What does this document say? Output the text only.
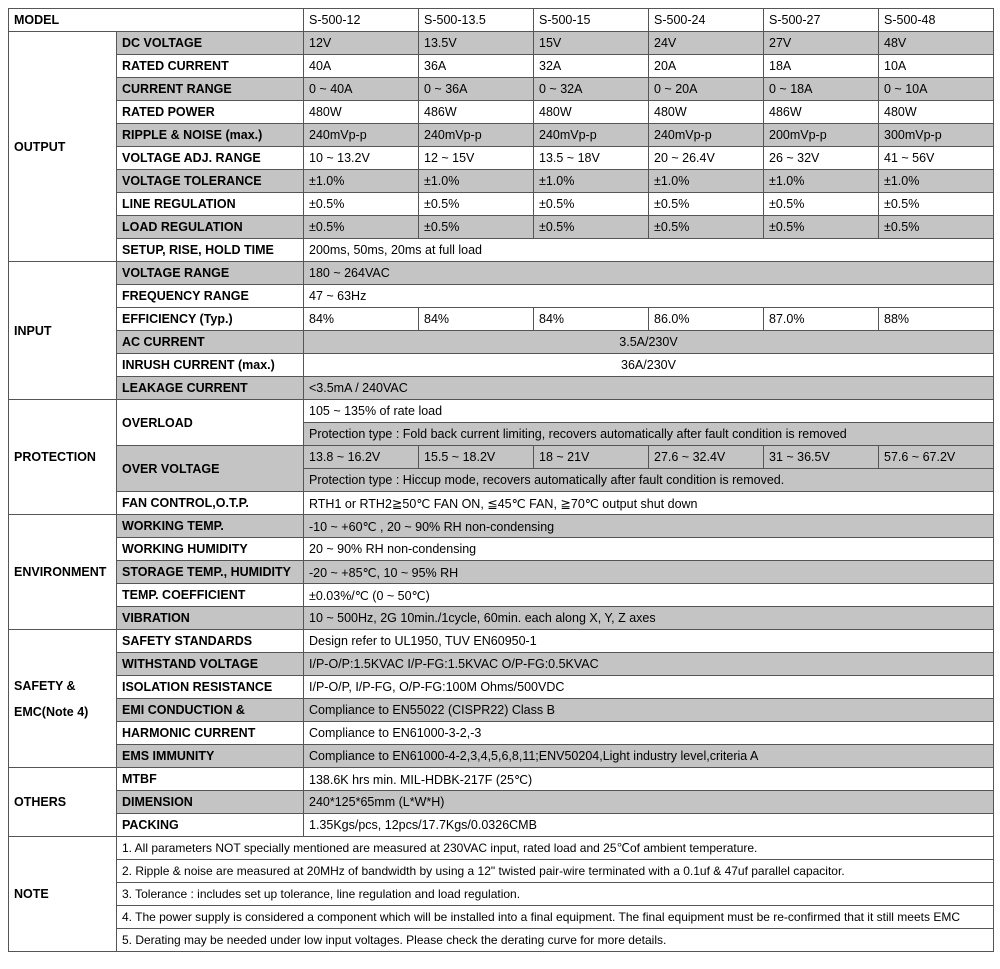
MODEL		S-500-12	S-500-13.5	S-500-15	S-500-24	S-500-27	S-500-48

OUTPUT	DC VOLTAGE	12V	13.5V	15V	24V	27V	48V
	RATED CURRENT	40A	36A	32A	20A	18A	10A
	CURRENT RANGE	0 ~ 40A	0 ~ 36A	0 ~ 32A	0 ~ 20A	0 ~ 18A	0 ~ 10A
	RATED POWER	480W	486W	480W	480W	486W	480W
	RIPPLE & NOISE (max.)	240mVp-p	240mVp-p	240mVp-p	240mVp-p	200mVp-p	300mVp-p
	VOLTAGE ADJ. RANGE	10 ~ 13.2V	12 ~ 15V	13.5 ~ 18V	20 ~ 26.4V	26 ~ 32V	41 ~ 56V
	VOLTAGE TOLERANCE	±1.0%	±1.0%	±1.0%	±1.0%	±1.0%	±1.0%
	LINE REGULATION	±0.5%	±0.5%	±0.5%	±0.5%	±0.5%	±0.5%
	LOAD REGULATION	±0.5%	±0.5%	±0.5%	±0.5%	±0.5%	±0.5%
	SETUP, RISE, HOLD TIME	200ms, 50ms, 20ms at full load					

INPUT	VOLTAGE RANGE	180 ~ 264VAC					
	FREQUENCY RANGE	47 ~ 63Hz					
	EFFICIENCY (Typ.)	84%	84%	84%	86.0%	87.0%	88%
	AC CURRENT	3.5A/230V					
	INRUSH CURRENT (max.)	36A/230V					
	LEAKAGE CURRENT	<3.5mA / 240VAC					
PROTECTION	OVERLOAD	105 ~ 135% of rate load					
		Protection type : Fold back current limiting, recovers automatically after fault condition is removed					
	OVER VOLTAGE	13.8 ~ 16.2V	15.5 ~ 18.2V	18 ~ 21V	27.6 ~ 32.4V	31 ~ 36.5V	57.6 ~ 67.2V
		Protection type : Hiccup mode, recovers automatically after fault condition is removed.					
	FAN CONTROL,O.T.P.	RTH1 or RTH2≧50℃ FAN ON, ≦45℃ FAN, ≧70℃ output shut down					

ENVIRONMENT	WORKING TEMP.	-10 ~ +60℃ , 20 ~ 90% RH non-condensing					
	WORKING HUMIDITY	20 ~ 90% RH non-condensing					
	STORAGE TEMP., HUMIDITY	-20 ~ +85℃, 10 ~ 95% RH					
	TEMP. COEFFICIENT	±0.03%/℃ (0 ~ 50℃)					
	VIBRATION	10 ~ 500Hz, 2G 10min./1cycle, 60min. each along X, Y, Z axes					

SAFETY &
EMC(Note 4)	SAFETY STANDARDS	Design refer to UL1950, TUV EN60950-1					
	WITHSTAND VOLTAGE	I/P-O/P:1.5KVAC I/P-FG:1.5KVAC O/P-FG:0.5KVAC					
	ISOLATION RESISTANCE	I/P-O/P, I/P-FG, O/P-FG:100M Ohms/500VDC					
	EMI CONDUCTION &	Compliance to EN55022 (CISPR22) Class B					
	HARMONIC CURRENT	Compliance to EN61000-3-2,-3					
	EMS IMMUNITY	Compliance to EN61000-4-2,3,4,5,6,8,11;ENV50204,Light industry level,criteria A					

OTHERS	MTBF	138.6K hrs min. MIL-HDBK-217F (25℃)					
	DIMENSION	240*125*65mm (L*W*H)					
	PACKING	1.35Kgs/pcs, 12pcs/17.7Kgs/0.0326CMB					
NOTE	1. All parameters NOT specially mentioned are measured at 230VAC input, rated load and 25℃of ambient temperature.						
	2. Ripple & noise are measured at 20MHz of bandwidth by using a 12" twisted pair-wire terminated with a 0.1uf & 47uf parallel capacitor.						
	3. Tolerance : includes set up tolerance, line regulation and load regulation.						
	4. The power supply is considered a component which will be installed into a final equipment. The final equipment must be re-confirmed that it still meets EMC						
	5. Derating may be needed under low input voltages. Please check the derating curve for more details.						
